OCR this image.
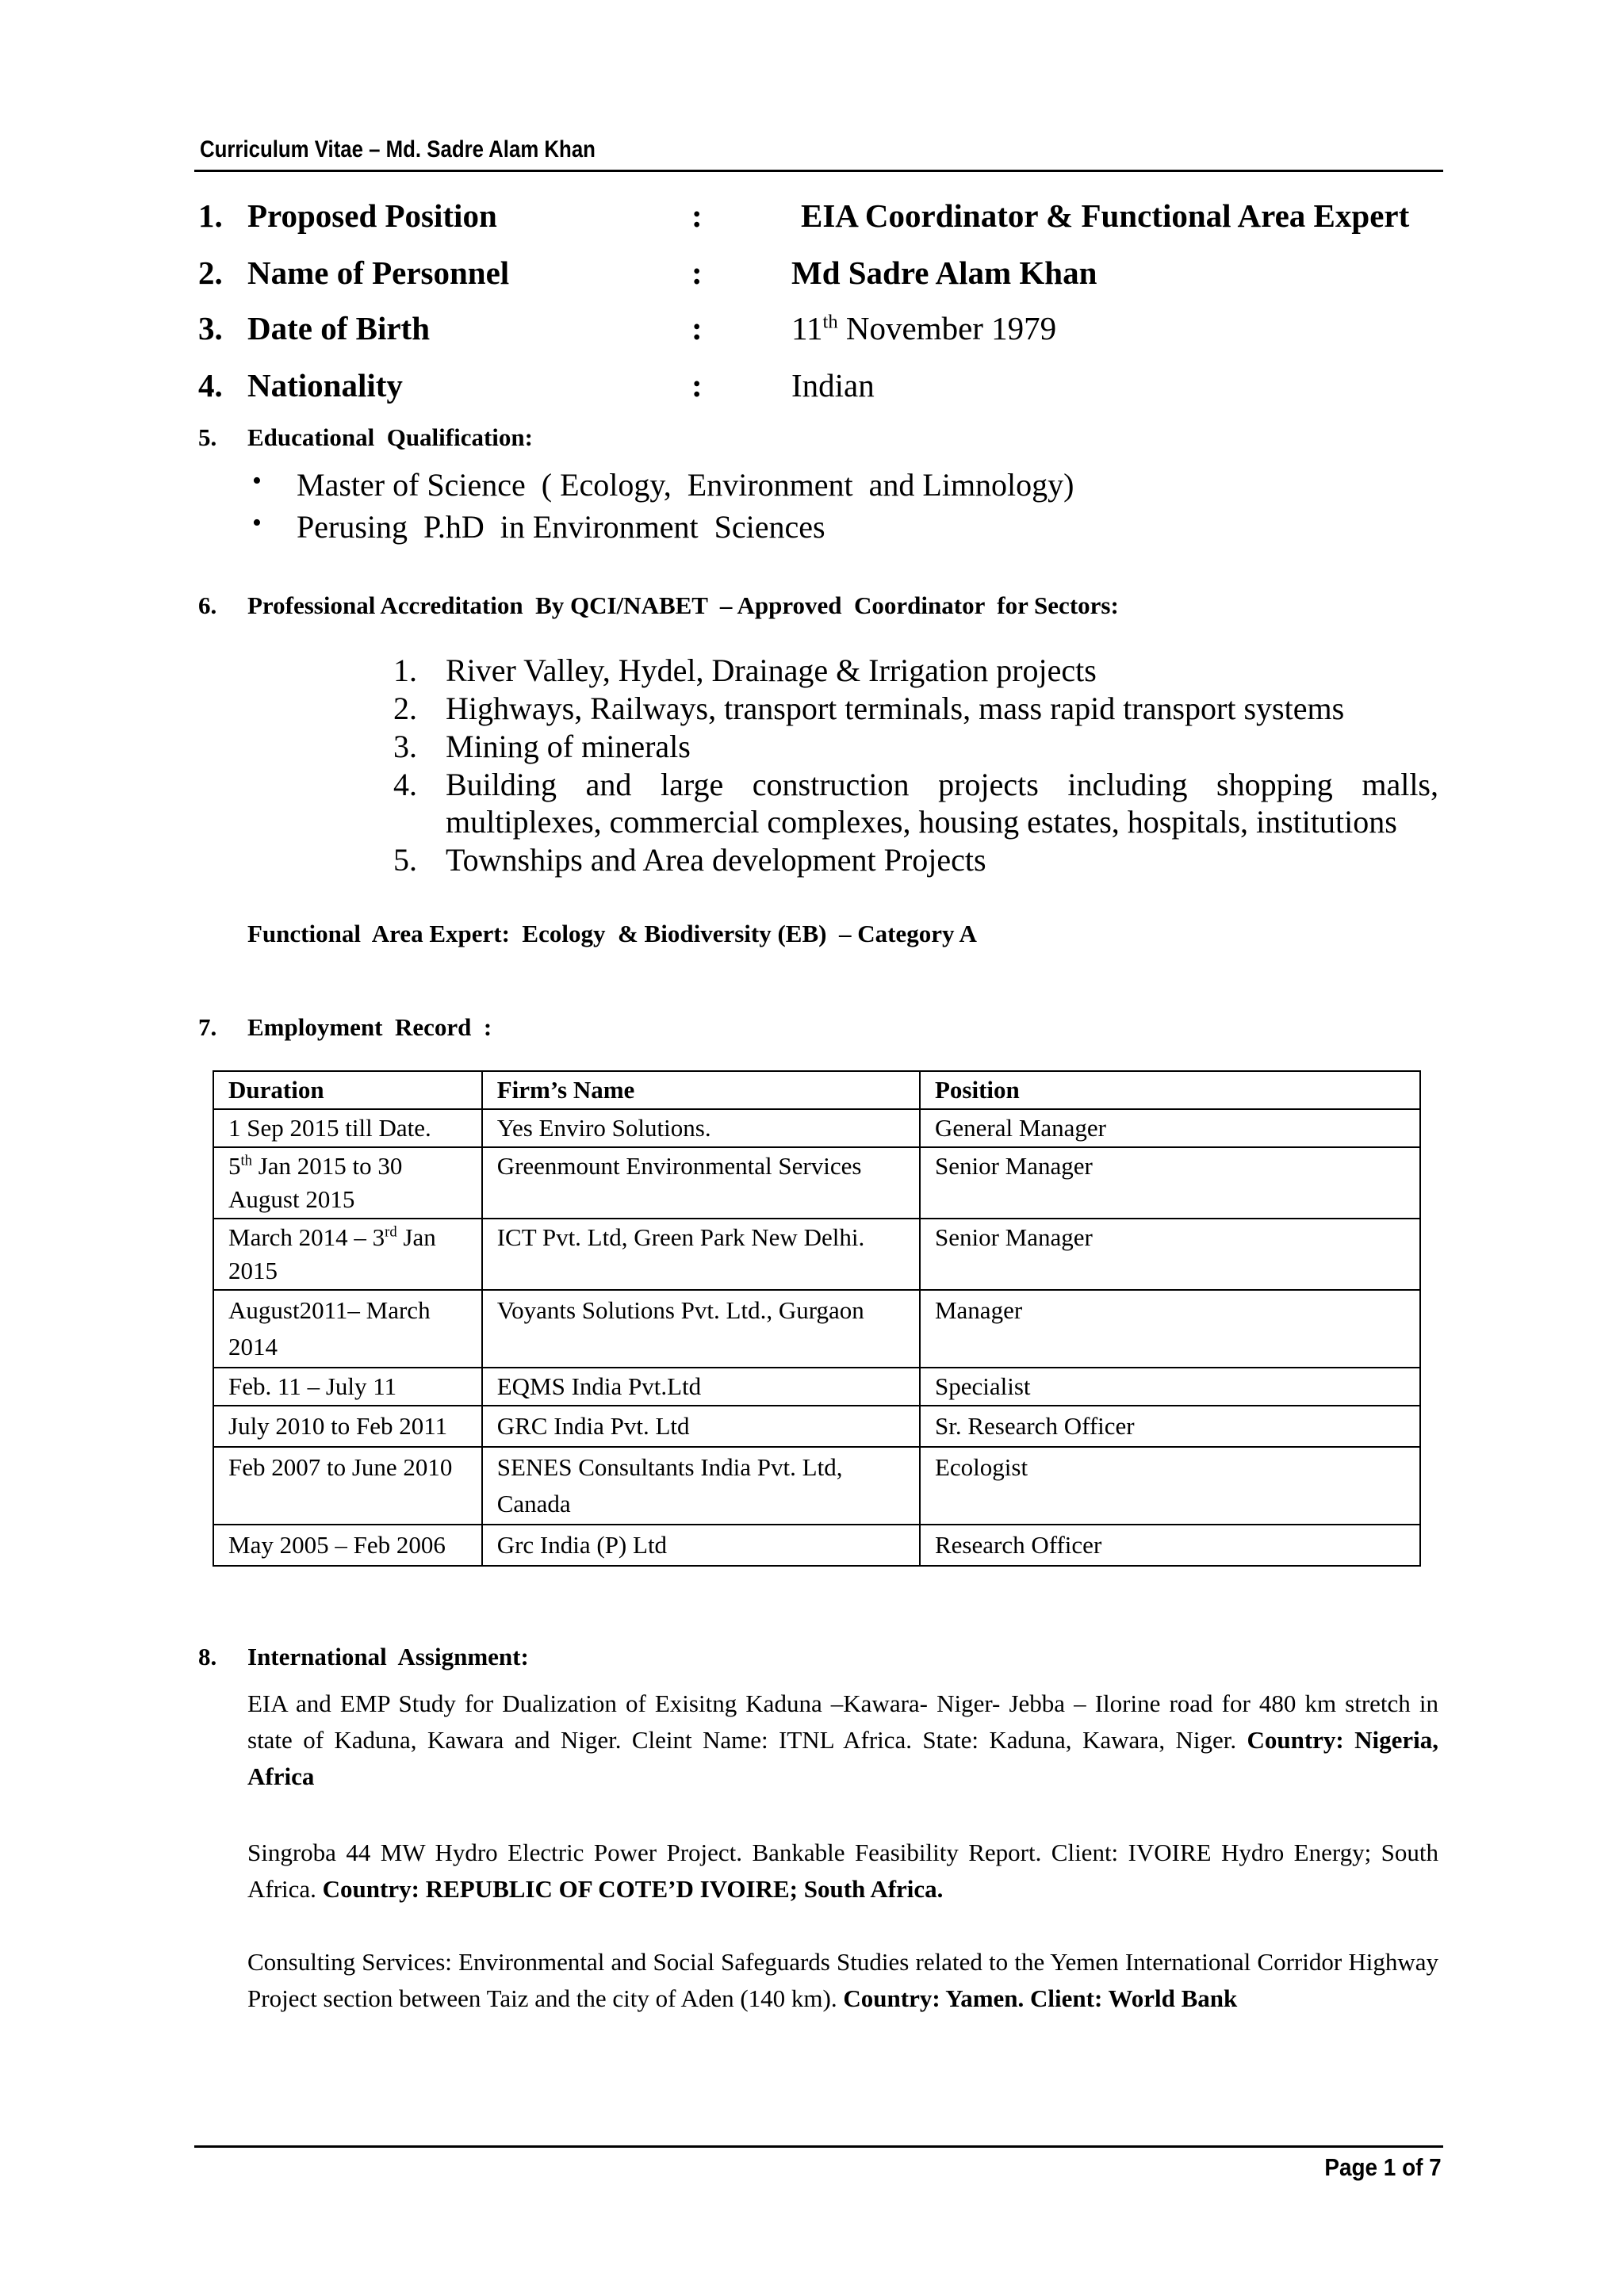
Curriculum Vitae – Md. Sadre Alam Khan
1. Proposed Position	:	EIA Coordinator & Functional Area Expert
2. Name of Personnel	:	Md Sadre Alam Khan
3. Date of Birth	:	11th November 1979
4. Nationality	:	Indian
5. Educational  Qualification:
• Master of Science  ( Ecology,  Environment  and Limnology)
• Perusing  P.hD  in Environment  Sciences
6. Professional Accreditation  By QCI/NABET  – Approved  Coordinator  for Sectors:
1. River Valley, Hydel, Drainage & Irrigation projects
2. Highways, Railways, transport terminals, mass rapid transport systems
3. Mining of minerals
4. Building and large construction projects including shopping malls, multiplexes, commercial complexes, housing estates, hospitals, institutions
5. Townships and Area development Projects
Functional  Area Expert:  Ecology  & Biodiversity (EB)  – Category A
7. Employment  Record  :
Duration	Firm’s Name	Position
1 Sep 2015 till Date.	Yes Enviro Solutions.	General Manager
5th Jan 2015 to 30 August 2015	Greenmount Environmental Services	Senior Manager
March 2014 – 3rd Jan 2015	ICT Pvt. Ltd, Green Park New Delhi.	Senior Manager
August2011– March 2014	Voyants Solutions Pvt. Ltd., Gurgaon	Manager
Feb. 11 – July 11	EQMS India Pvt.Ltd	Specialist
July 2010 to Feb 2011	GRC India Pvt. Ltd	Sr. Research Officer
Feb 2007 to June 2010	SENES Consultants India Pvt. Ltd, Canada	Ecologist
May 2005 – Feb 2006	Grc India (P) Ltd	Research Officer
8. International  Assignment:

EIA and EMP Study for Dualization of Exisitng Kaduna –Kawara- Niger- Jebba – Ilorine road for 480 km stretch in state of Kaduna, Kawara and Niger. Cleint Name: ITNL Africa. State: Kaduna, Kawara, Niger. Country: Nigeria, Africa

Singroba 44 MW Hydro Electric Power Project. Bankable Feasibility Report. Client: IVOIRE Hydro Energy; South Africa. Country: REPUBLIC OF COTE’D IVOIRE; South Africa.

Consulting Services: Environmental and Social Safeguards Studies related to the Yemen International Corridor Highway Project section between Taiz and the city of Aden (140 km). Country: Yamen. Client: World Bank

Page 1 of 7
